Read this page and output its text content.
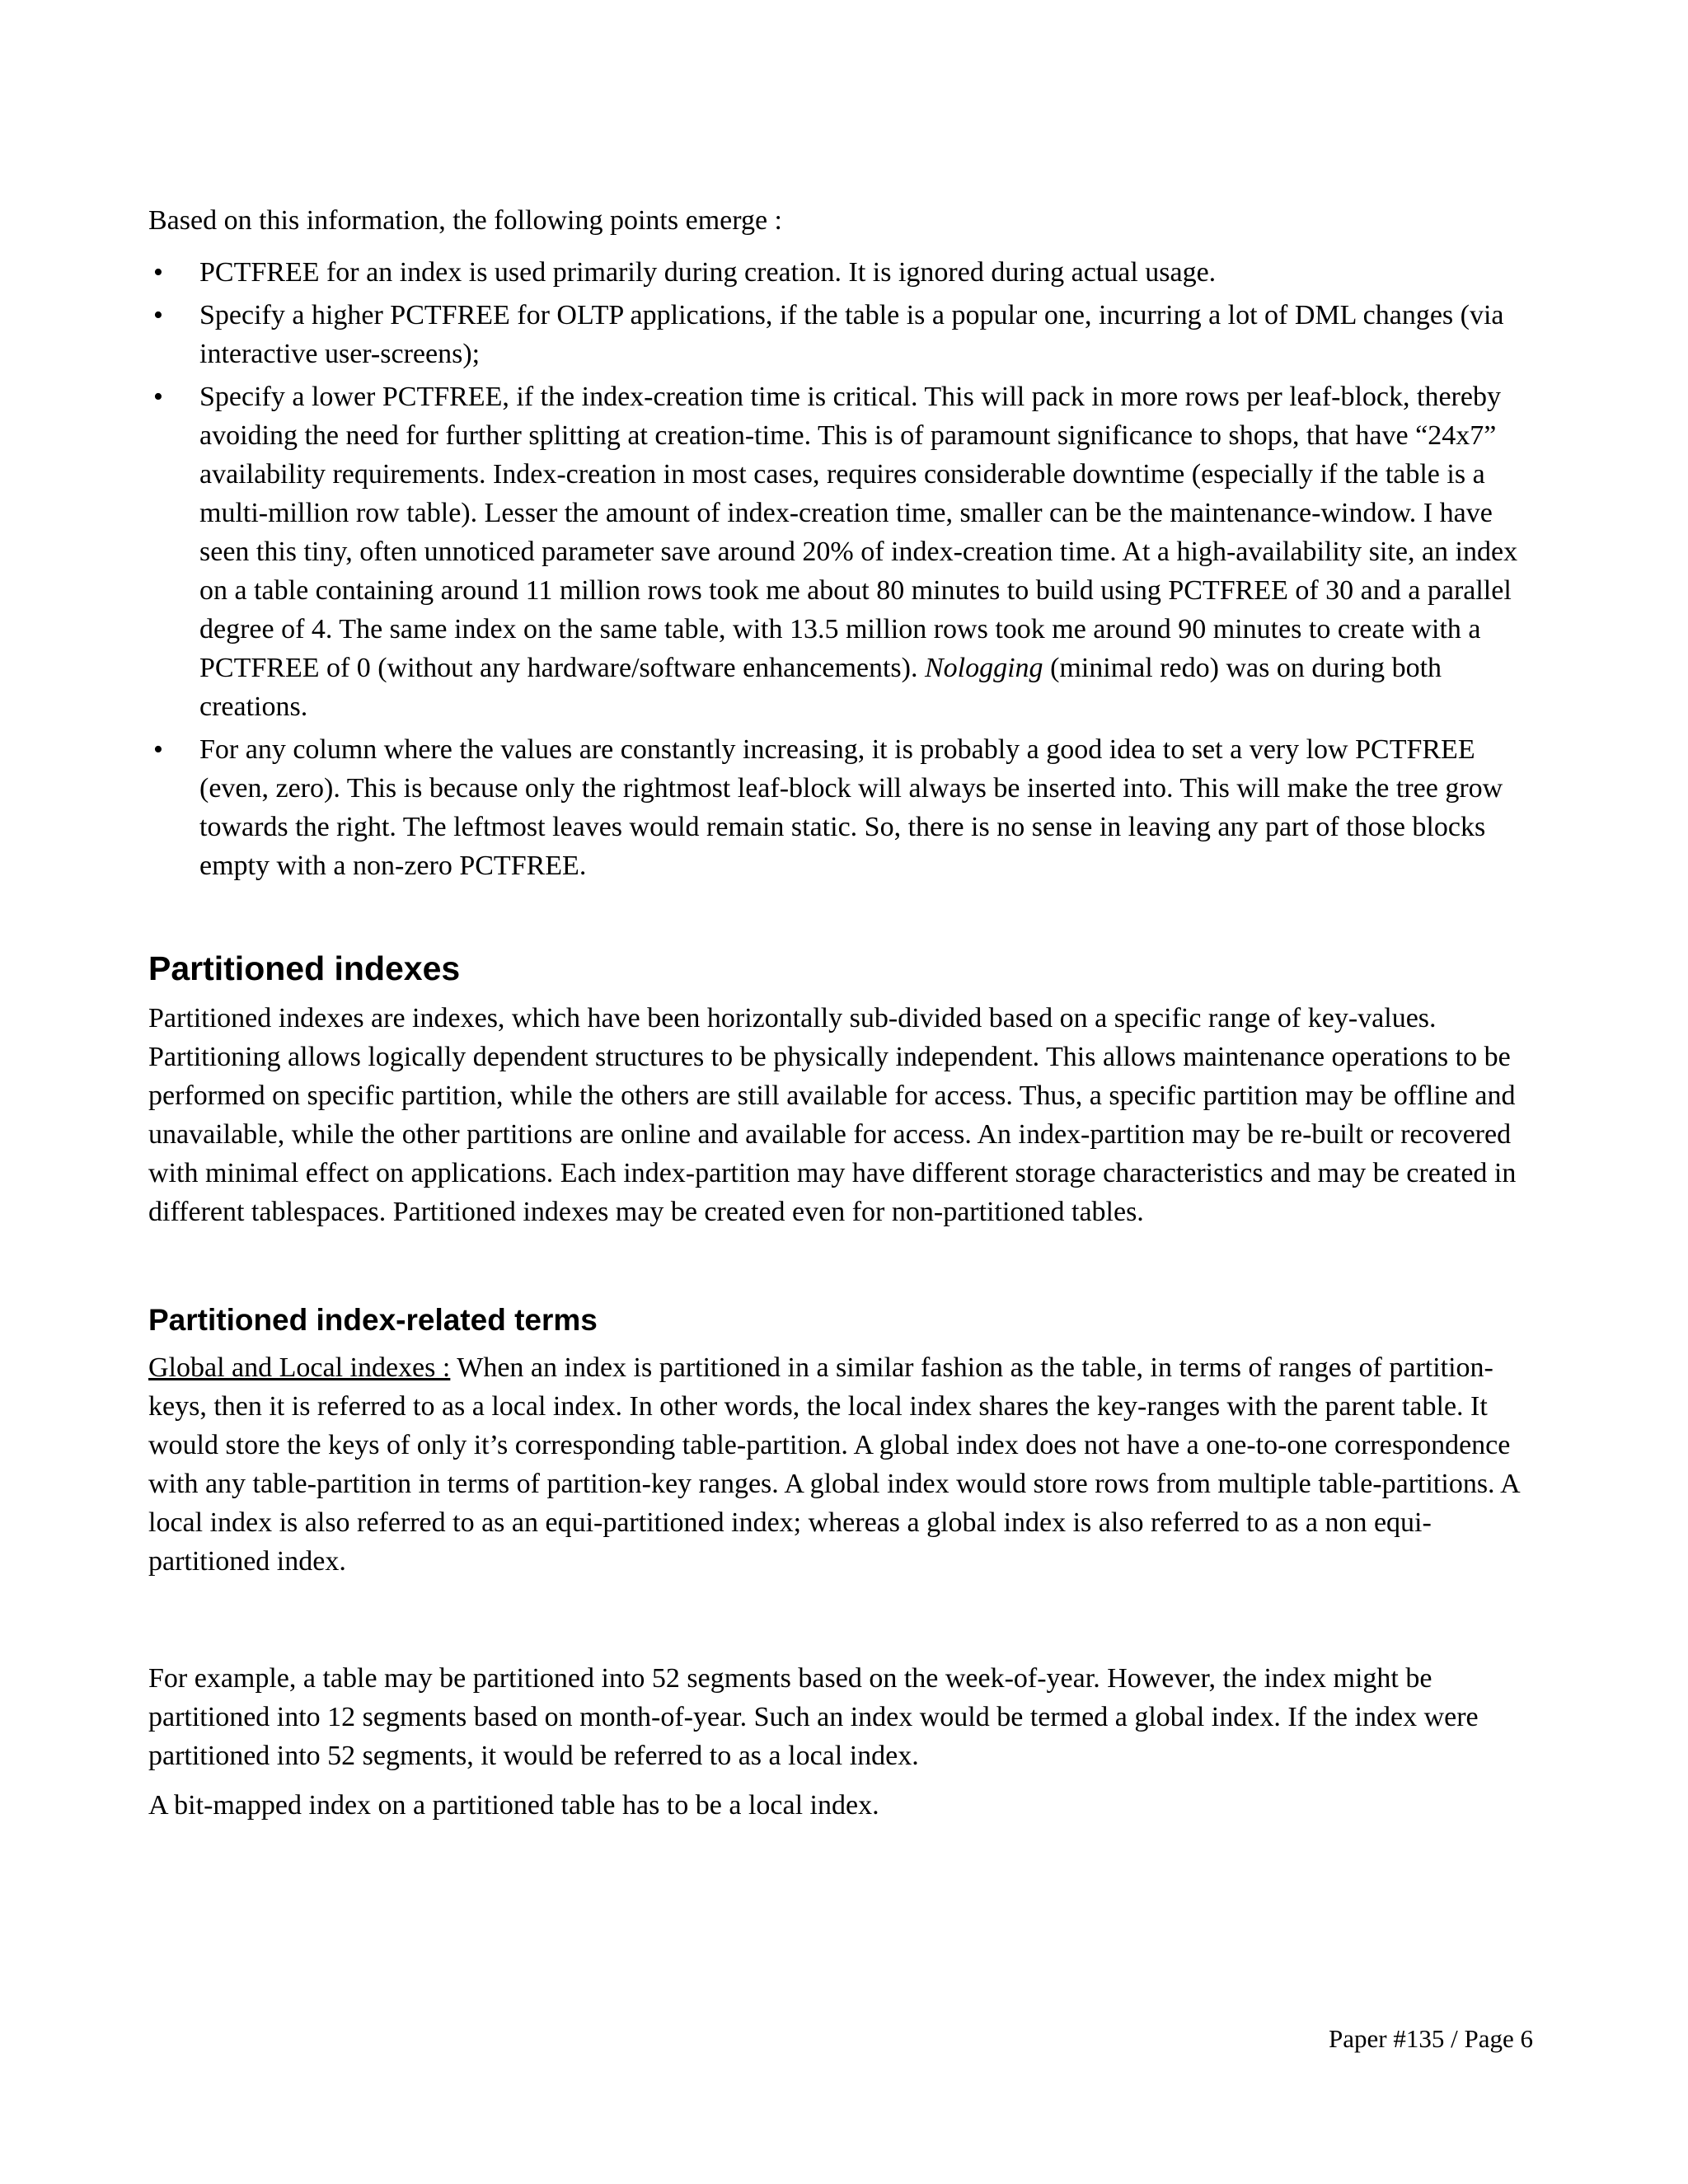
Based on this information, the following points emerge :

• PCTFREE for an index is used primarily during creation. It is ignored during actual usage.
• Specify a higher PCTFREE for OLTP applications, if the table is a popular one, incurring a lot of DML changes (via interactive user-screens);
• Specify a lower PCTFREE, if the index-creation time is critical. This will pack in more rows per leaf-block, thereby avoiding the need for further splitting at creation-time. This is of paramount significance to shops, that have “24x7” availability requirements. Index-creation in most cases, requires considerable downtime (especially if the table is a multi-million row table). Lesser the amount of index-creation time, smaller can be the maintenance-window. I have seen this tiny, often unnoticed parameter save around 20% of index-creation time. At a high-availability site, an index on a table containing around 11 million rows took me about 80 minutes to build using PCTFREE of 30 and a parallel degree of 4. The same index on the same table, with 13.5 million rows took me around 90 minutes to create with a PCTFREE of 0 (without any hardware/software enhancements). Nologging (minimal redo) was on during both creations.
• For any column where the values are constantly increasing, it is probably a good idea to set a very low PCTFREE (even, zero). This is because only the rightmost leaf-block will always be inserted into. This will make the tree grow towards the right. The leftmost leaves would remain static. So, there is no sense in leaving any part of those blocks empty with a non-zero PCTFREE.
Partitioned indexes

Partitioned indexes are indexes, which have been horizontally sub-divided based on a specific range of key-values. Partitioning allows logically dependent structures to be physically independent. This allows maintenance operations to be performed on specific partition, while the others are still available for access. Thus, a specific partition may be offline and unavailable, while the other partitions are online and available for access. An index-partition may be re-built or recovered with minimal effect on applications. Each index-partition may have different storage characteristics and may be created in different tablespaces. Partitioned indexes may be created even for non-partitioned tables.

Partitioned index-related terms

Global and Local indexes : When an index is partitioned in a similar fashion as the table, in terms of ranges of partition-keys, then it is referred to as a local index. In other words, the local index shares the key-ranges with the parent table. It would store the keys of only it’s corresponding table-partition. A global index does not have a one-to-one correspondence with any table-partition in terms of partition-key ranges. A global index would store rows from multiple table-partitions. A local index is also referred to as an equi-partitioned index; whereas a global index is also referred to as a non equi-partitioned index.

For example, a table may be partitioned into 52 segments based on the week-of-year. However, the index might be partitioned into 12 segments based on month-of-year. Such an index would be termed a global index. If the index were partitioned into 52 segments, it would be referred to as a local index.

A bit-mapped index on a partitioned table has to be a local index.

Paper #135 / Page 6
